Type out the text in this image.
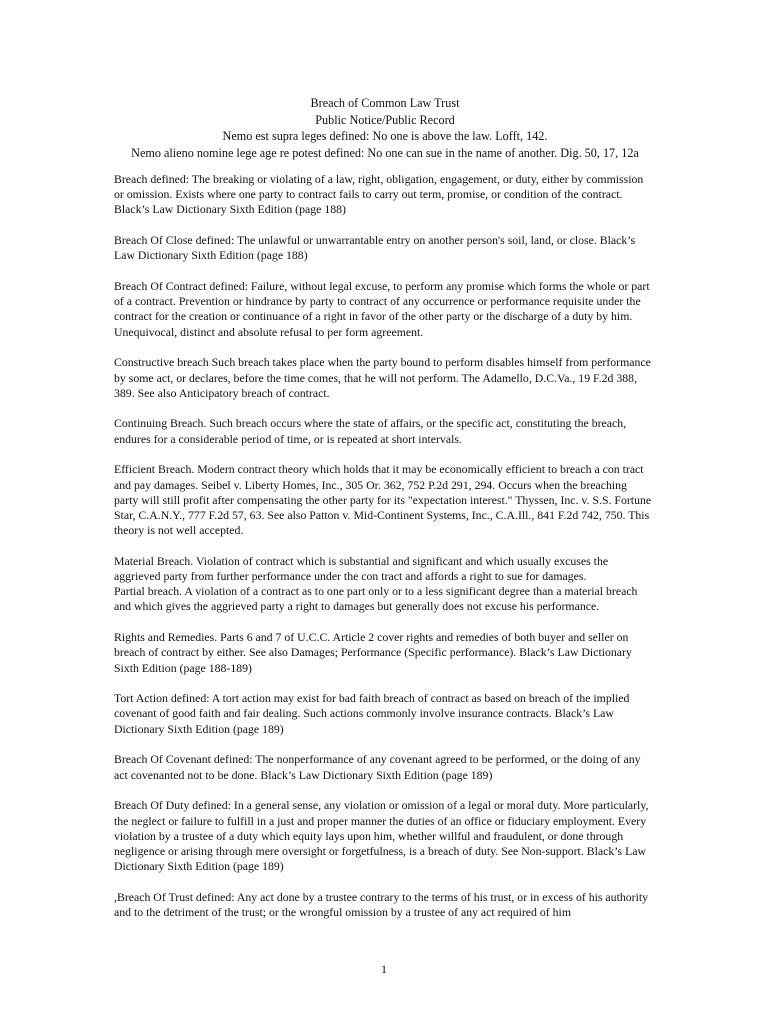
Breach of Common Law Trust
Public Notice/Public Record
Nemo est supra leges defined: No one is above the law. Lofft, 142.
Nemo alieno nomine lege age re potest defined: No one can sue in the name of another. Dig. 50, 17, 12a

Breach defined: The breaking or violating of a law, right, obligation, engagement, or duty, either by commission or omission. Exists where one party to contract fails to carry out term, promise, or condition of the contract. Black’s Law Dictionary Sixth Edition (page 188)

Breach Of Close defined: The unlawful or unwarrantable entry on another person's soil, land, or close. Black’s Law Dictionary Sixth Edition (page 188)

Breach Of Contract defined: Failure, without legal excuse, to perform any promise which forms the whole or part of a contract. Prevention or hindrance by party to contract of any occurrence or performance requisite under the contract for the creation or continuance of a right in favor of the other party or the discharge of a duty by him. Unequivocal, distinct and absolute refusal to per form agreement.

Constructive breach Such breach takes place when the party bound to perform disables himself from performance by some act, or declares, before the time comes, that he will not perform. The Adamello, D.C.Va., 19 F.2d 388, 389. See also Anticipatory breach of contract.

Continuing Breach. Such breach occurs where the state of affairs, or the specific act, constituting the breach, endures for a considerable period of time, or is repeated at short intervals.

Efficient Breach. Modern contract theory which holds that it may be economically efficient to breach a con tract and pay damages. Seibel v. Liberty Homes, Inc., 305 Or. 362, 752 P.2d 291, 294. Occurs when the breaching party will still profit after compensating the other party for its "expectation interest." Thyssen, Inc. v. S.S. Fortune Star, C.A.N.Y., 777 F.2d 57, 63. See also Patton v. Mid-Continent Systems, Inc., C.A.Ill., 841 F.2d 742, 750. This theory is not well accepted.

Material Breach. Violation of contract which is substantial and significant and which usually excuses the aggrieved party from further performance under the con tract and affords a right to sue for damages.

Partial breach. A violation of a contract as to one part only or to a less significant degree than a material breach and which gives the aggrieved party a right to damages but generally does not excuse his performance.

Rights and Remedies. Parts 6 and 7 of U.C.C. Article 2 cover rights and remedies of both buyer and seller on breach of contract by either. See also Damages; Performance (Specific performance). Black’s Law Dictionary Sixth Edition (page 188-189)

Tort Action defined: A tort action may exist for bad faith breach of contract as based on breach of the implied covenant of good faith and fair dealing. Such actions commonly involve insurance contracts. Black’s Law Dictionary Sixth Edition (page 189)

Breach Of Covenant defined: The nonperformance of any covenant agreed to be performed, or the doing of any act covenanted not to be done. Black’s Law Dictionary Sixth Edition (page 189)

Breach Of Duty defined: In a general sense, any violation or omission of a legal or moral duty. More particularly, the neglect or failure to fulfill in a just and proper manner the duties of an office or fiduciary employment. Every violation by a trustee of a duty which equity lays upon him, whether willful and fraudulent, or done through negligence or arising through mere oversight or forgetfulness, is a breach of duty. See Non-support. Black’s Law Dictionary Sixth Edition (page 189)

,Breach Of Trust defined: Any act done by a trustee contrary to the terms of his trust, or in excess of his authority and to the detriment of the trust; or the wrongful omission by a trustee of any act required of him

1
